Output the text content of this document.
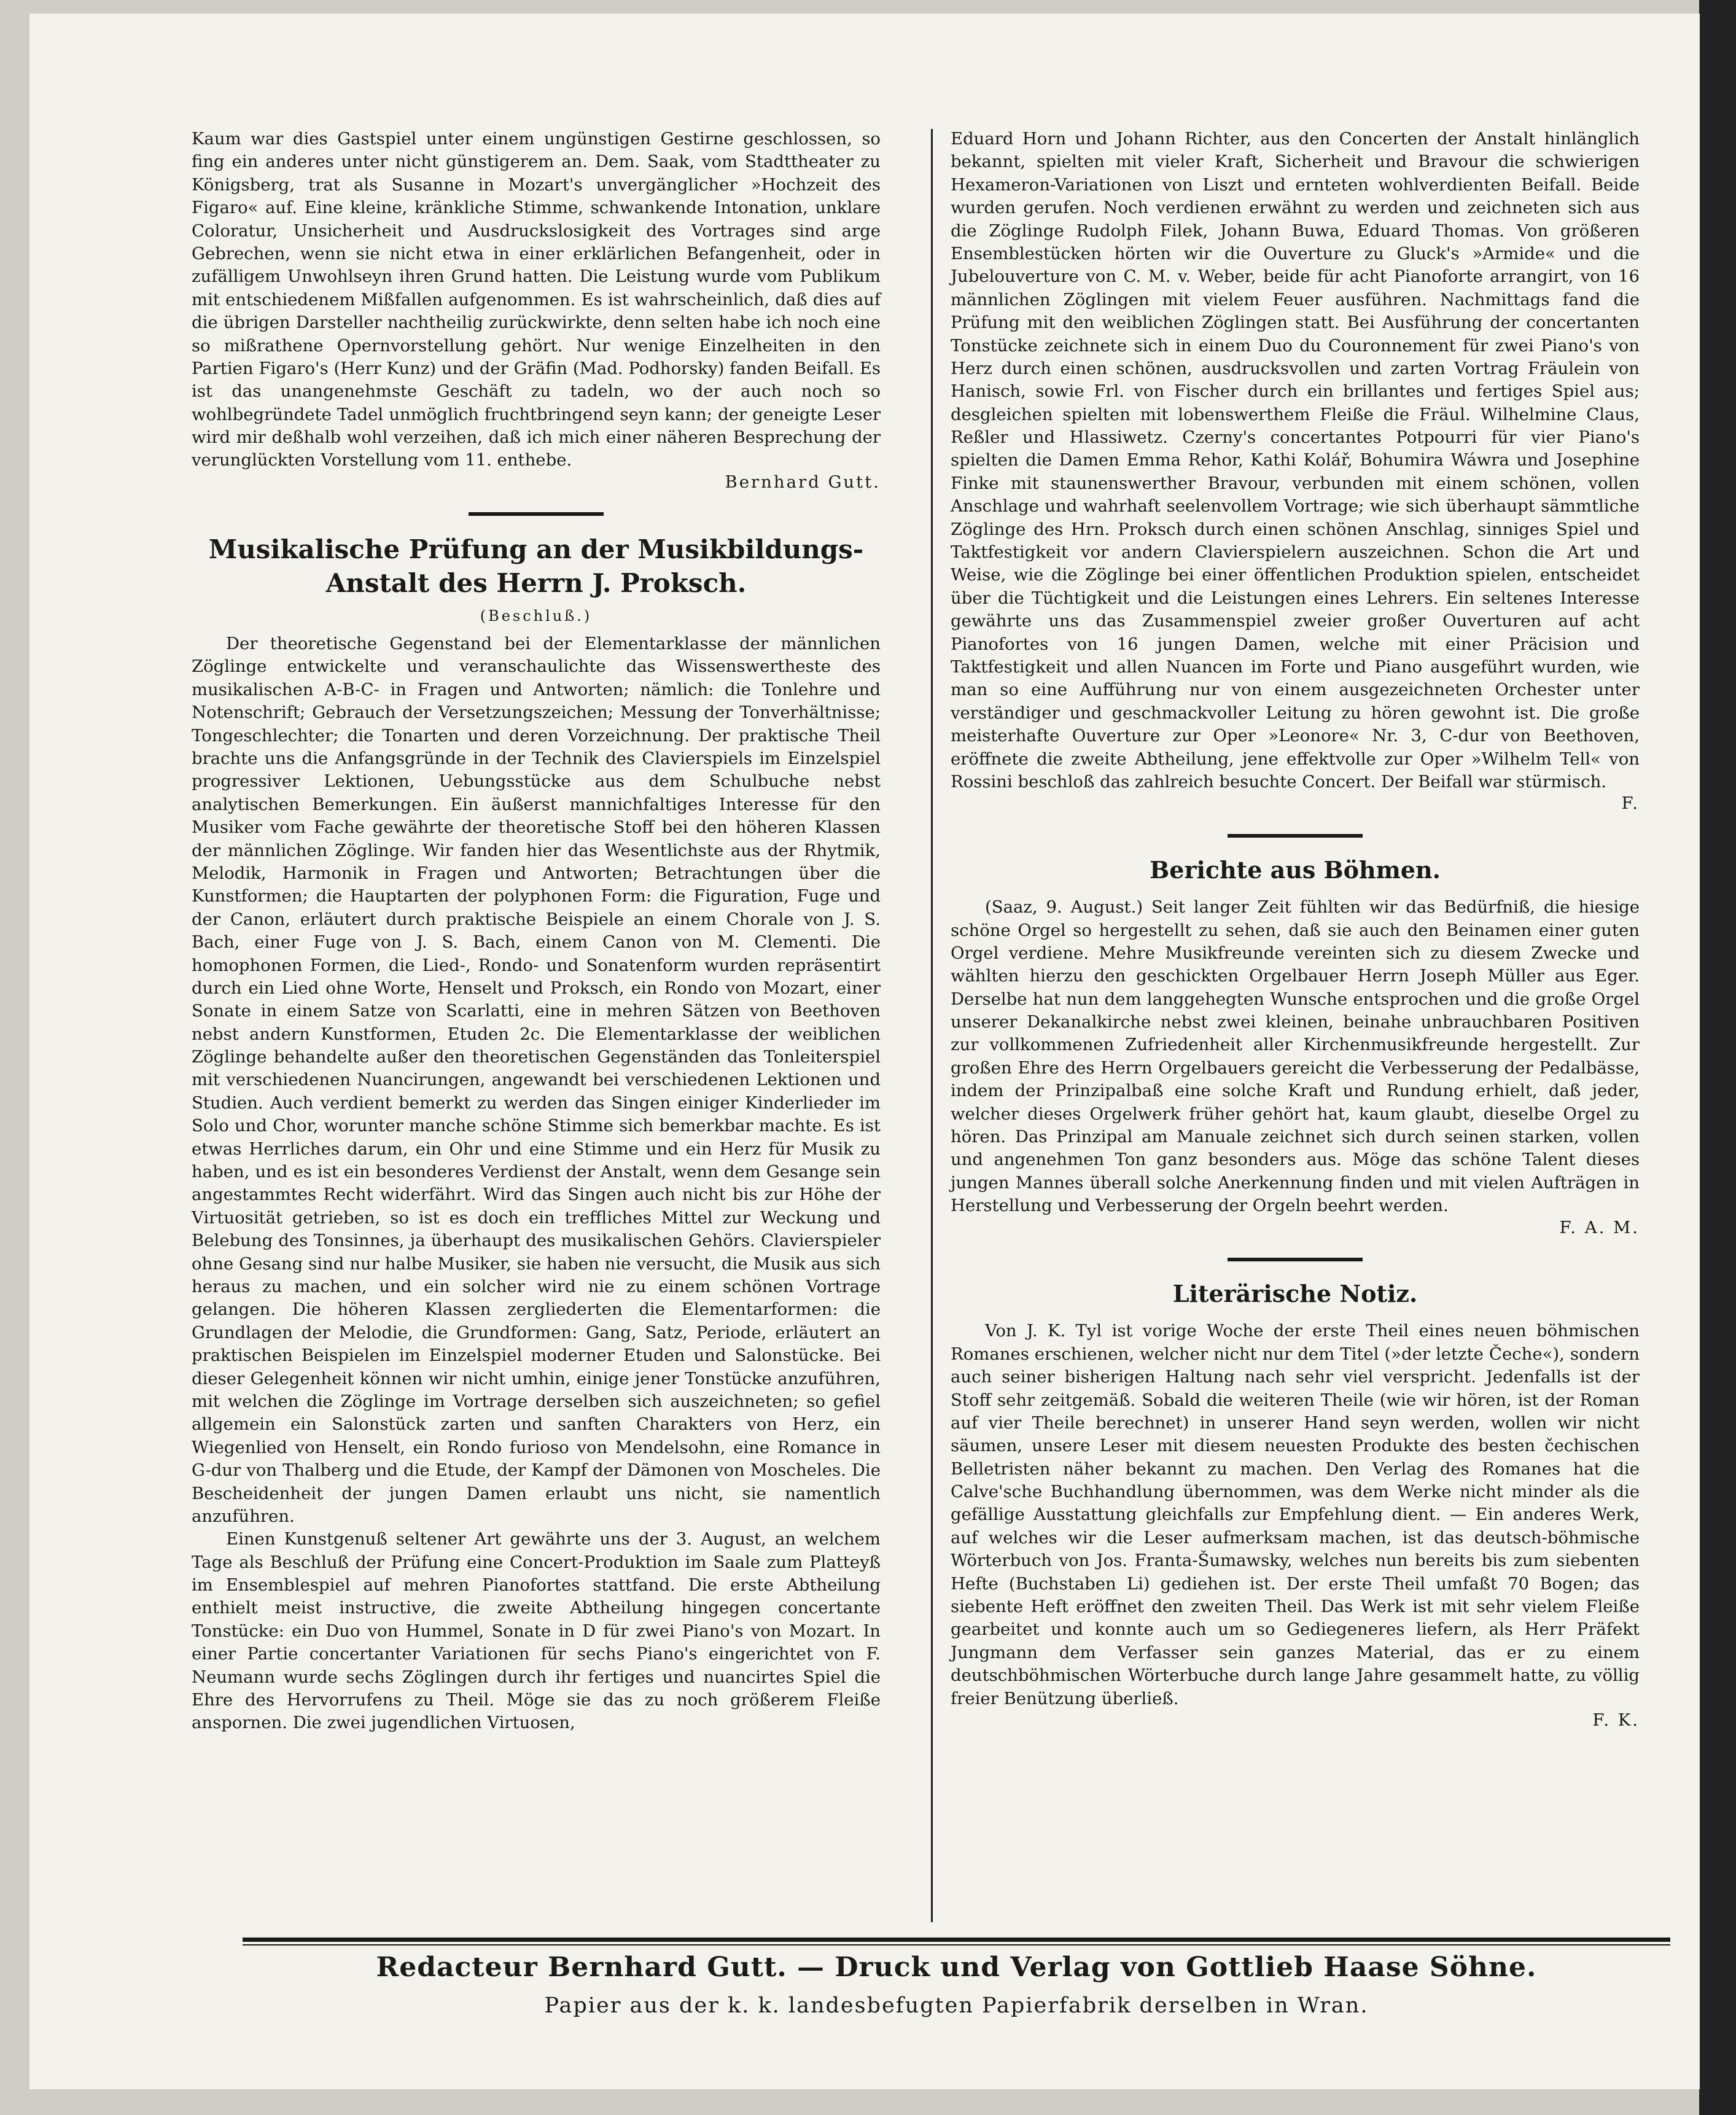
Kaum war dies Gastspiel unter einem ungünstigen Gestirne geschlossen, so fing ein anderes unter nicht günstigerem an. Dem. Saak, vom Stadttheater zu Königsberg, trat als Susanne in Mozart's unvergänglicher »Hochzeit des Figaro« auf. Eine kleine, kränkliche Stimme, schwankende Intonation, unklare Coloratur, Unsicherheit und Ausdruckslosigkeit des Vortrages sind arge Gebrechen, wenn sie nicht etwa in einer erklärlichen Befangenheit, oder in zufälligem Unwohlseyn ihren Grund hatten. Die Leistung wurde vom Publikum mit entschiedenem Mißfallen aufgenommen. Es ist wahrscheinlich, daß dies auf die übrigen Darsteller nachtheilig zurückwirkte, denn selten habe ich noch eine so mißrathene Opernvorstellung gehört. Nur wenige Einzelheiten in den Partien Figaro's (Herr Kunz) und der Gräfin (Mad. Podhorsky) fanden Beifall. Es ist das unangenehmste Geschäft zu tadeln, wo der auch noch so wohlbegründete Tadel unmöglich fruchtbringend seyn kann; der geneigte Leser wird mir deßhalb wohl verzeihen, daß ich mich einer näheren Besprechung der verunglückten Vorstellung vom 11. enthebe.

Bernhard Gutt.

Musikalische Prüfung an der Musikbildungs-
Anstalt des Herrn J. Proksch.
(Beschluß.)

Der theoretische Gegenstand bei der Elementarklasse der männlichen Zöglinge entwickelte und veranschaulichte das Wissenswertheste des musikalischen A-B-C- in Fragen und Antworten; nämlich: die Tonlehre und Notenschrift; Gebrauch der Versetzungszeichen; Messung der Tonverhältnisse; Tongeschlechter; die Tonarten und deren Vorzeichnung. Der praktische Theil brachte uns die Anfangsgründe in der Technik des Clavierspiels im Einzelspiel progressiver Lektionen, Uebungsstücke aus dem Schulbuche nebst analytischen Bemerkungen. Ein äußerst mannichfaltiges Interesse für den Musiker vom Fache gewährte der theoretische Stoff bei den höheren Klassen der männlichen Zöglinge. Wir fanden hier das Wesentlichste aus der Rhytmik, Melodik, Harmonik in Fragen und Antworten; Betrachtungen über die Kunstformen; die Hauptarten der polyphonen Form: die Figuration, Fuge und der Canon, erläutert durch praktische Beispiele an einem Chorale von J. S. Bach, einer Fuge von J. S. Bach, einem Canon von M. Clementi. Die homophonen Formen, die Lied-, Rondo- und Sonatenform wurden repräsentirt durch ein Lied ohne Worte, Henselt und Proksch, ein Rondo von Mozart, einer Sonate in einem Satze von Scarlatti, eine in mehren Sätzen von Beethoven nebst andern Kunstformen, Etuden 2c. Die Elementarklasse der weiblichen Zöglinge behandelte außer den theoretischen Gegenständen das Tonleiterspiel mit verschiedenen Nuancirungen, angewandt bei verschiedenen Lektionen und Studien. Auch verdient bemerkt zu werden das Singen einiger Kinderlieder im Solo und Chor, worunter manche schöne Stimme sich bemerkbar machte. Es ist etwas Herrliches darum, ein Ohr und eine Stimme und ein Herz für Musik zu haben, und es ist ein besonderes Verdienst der Anstalt, wenn dem Gesange sein angestammtes Recht widerfährt. Wird das Singen auch nicht bis zur Höhe der Virtuosität getrieben, so ist es doch ein treffliches Mittel zur Weckung und Belebung des Tonsinnes, ja überhaupt des musikalischen Gehörs. Clavierspieler ohne Gesang sind nur halbe Musiker, sie haben nie versucht, die Musik aus sich heraus zu machen, und ein solcher wird nie zu einem schönen Vortrage gelangen. Die höheren Klassen zergliederten die Elementarformen: die Grundlagen der Melodie, die Grundformen: Gang, Satz, Periode, erläutert an praktischen Beispielen im Einzelspiel moderner Etuden und Salonstücke. Bei dieser Gelegenheit können wir nicht umhin, einige jener Tonstücke anzuführen, mit welchen die Zöglinge im Vortrage derselben sich auszeichneten; so gefiel allgemein ein Salonstück zarten und sanften Charakters von Herz, ein Wiegenlied von Henselt, ein Rondo furioso von Mendelsohn, eine Romance in G-dur von Thalberg und die Etude, der Kampf der Dämonen von Moscheles. Die Bescheidenheit der jungen Damen erlaubt uns nicht, sie namentlich anzuführen.

Einen Kunstgenuß seltener Art gewährte uns der 3. August, an welchem Tage als Beschluß der Prüfung eine Concert-Produktion im Saale zum Platteyß im Ensemblespiel auf mehren Pianofortes stattfand. Die erste Abtheilung enthielt meist instructive, die zweite Abtheilung hingegen concertante Tonstücke: ein Duo von Hummel, Sonate in D für zwei Piano's von Mozart. In einer Partie concertanter Variationen für sechs Piano's eingerichtet von F. Neumann wurde sechs Zöglingen durch ihr fertiges und nuancirtes Spiel die Ehre des Hervorrufens zu Theil. Möge sie das zu noch größerem Fleiße anspornen. Die zwei jugendlichen Virtuosen,

Eduard Horn und Johann Richter, aus den Concerten der Anstalt hinlänglich bekannt, spielten mit vieler Kraft, Sicherheit und Bravour die schwierigen Hexameron-Variationen von Liszt und ernteten wohlverdienten Beifall. Beide wurden gerufen. Noch verdienen erwähnt zu werden und zeichneten sich aus die Zöglinge Rudolph Filek, Johann Buwa, Eduard Thomas. Von größeren Ensemblestücken hörten wir die Ouverture zu Gluck's »Armide« und die Jubelouverture von C. M. v. Weber, beide für acht Pianoforte arrangirt, von 16 männlichen Zöglingen mit vielem Feuer ausführen. Nachmittags fand die Prüfung mit den weiblichen Zöglingen statt. Bei Ausführung der concertanten Tonstücke zeichnete sich in einem Duo du Couronnement für zwei Piano's von Herz durch einen schönen, ausdrucksvollen und zarten Vortrag Fräulein von Hanisch, sowie Frl. von Fischer durch ein brillantes und fertiges Spiel aus; desgleichen spielten mit lobenswerthem Fleiße die Fräul. Wilhelmine Claus, Reßler und Hlassiwetz. Czerny's concertantes Potpourri für vier Piano's spielten die Damen Emma Rehor, Kathi Kolář, Bohumira Wáwra und Josephine Finke mit staunenswerther Bravour, verbunden mit einem schönen, vollen Anschlage und wahrhaft seelenvollem Vortrage; wie sich überhaupt sämmtliche Zöglinge des Hrn. Proksch durch einen schönen Anschlag, sinniges Spiel und Taktfestigkeit vor andern Clavierspielern auszeichnen. Schon die Art und Weise, wie die Zöglinge bei einer öffentlichen Produktion spielen, entscheidet über die Tüchtigkeit und die Leistungen eines Lehrers. Ein seltenes Interesse gewährte uns das Zusammenspiel zweier großer Ouverturen auf acht Pianofortes von 16 jungen Damen, welche mit einer Präcision und Taktfestigkeit und allen Nuancen im Forte und Piano ausgeführt wurden, wie man so eine Aufführung nur von einem ausgezeichneten Orchester unter verständiger und geschmackvoller Leitung zu hören gewohnt ist. Die große meisterhafte Ouverture zur Oper »Leonore« Nr. 3, C-dur von Beethoven, eröffnete die zweite Abtheilung, jene effektvolle zur Oper »Wilhelm Tell« von Rossini beschloß das zahlreich besuchte Concert. Der Beifall war stürmisch.

F.

Berichte aus Böhmen.

(Saaz, 9. August.) Seit langer Zeit fühlten wir das Bedürfniß, die hiesige schöne Orgel so hergestellt zu sehen, daß sie auch den Beinamen einer guten Orgel verdiene. Mehre Musikfreunde vereinten sich zu diesem Zwecke und wählten hierzu den geschickten Orgelbauer Herrn Joseph Müller aus Eger. Derselbe hat nun dem langgehegten Wunsche entsprochen und die große Orgel unserer Dekanalkirche nebst zwei kleinen, beinahe unbrauchbaren Positiven zur vollkommenen Zufriedenheit aller Kirchenmusikfreunde hergestellt. Zur großen Ehre des Herrn Orgelbauers gereicht die Verbesserung der Pedalbässe, indem der Prinzipalbaß eine solche Kraft und Rundung erhielt, daß jeder, welcher dieses Orgelwerk früher gehört hat, kaum glaubt, dieselbe Orgel zu hören. Das Prinzipal am Manuale zeichnet sich durch seinen starken, vollen und angenehmen Ton ganz besonders aus. Möge das schöne Talent dieses jungen Mannes überall solche Anerkennung finden und mit vielen Aufträgen in Herstellung und Verbesserung der Orgeln beehrt werden.

F. A. M.

Literärische Notiz.

Von J. K. Tyl ist vorige Woche der erste Theil eines neuen böhmischen Romanes erschienen, welcher nicht nur dem Titel (»der letzte Čeche«), sondern auch seiner bisherigen Haltung nach sehr viel verspricht. Jedenfalls ist der Stoff sehr zeitgemäß. Sobald die weiteren Theile (wie wir hören, ist der Roman auf vier Theile berechnet) in unserer Hand seyn werden, wollen wir nicht säumen, unsere Leser mit diesem neuesten Produkte des besten čechischen Belletristen näher bekannt zu machen. Den Verlag des Romanes hat die Calve'sche Buchhandlung übernommen, was dem Werke nicht minder als die gefällige Ausstattung gleichfalls zur Empfehlung dient. — Ein anderes Werk, auf welches wir die Leser aufmerksam machen, ist das deutsch-böhmische Wörterbuch von Jos. Franta-Šumawsky, welches nun bereits bis zum siebenten Hefte (Buchstaben Li) gediehen ist. Der erste Theil umfaßt 70 Bogen; das siebente Heft eröffnet den zweiten Theil. Das Werk ist mit sehr vielem Fleiße gearbeitet und konnte auch um so Gediegeneres liefern, als Herr Präfekt Jungmann dem Verfasser sein ganzes Material, das er zu einem deutschböhmischen Wörterbuche durch lange Jahre gesammelt hatte, zu völlig freier Benützung überließ.

F. K.

Redacteur Bernhard Gutt. — Druck und Verlag von Gottlieb Haase Söhne.
Papier aus der k. k. landesbefugten Papierfabrik derselben in Wran.
